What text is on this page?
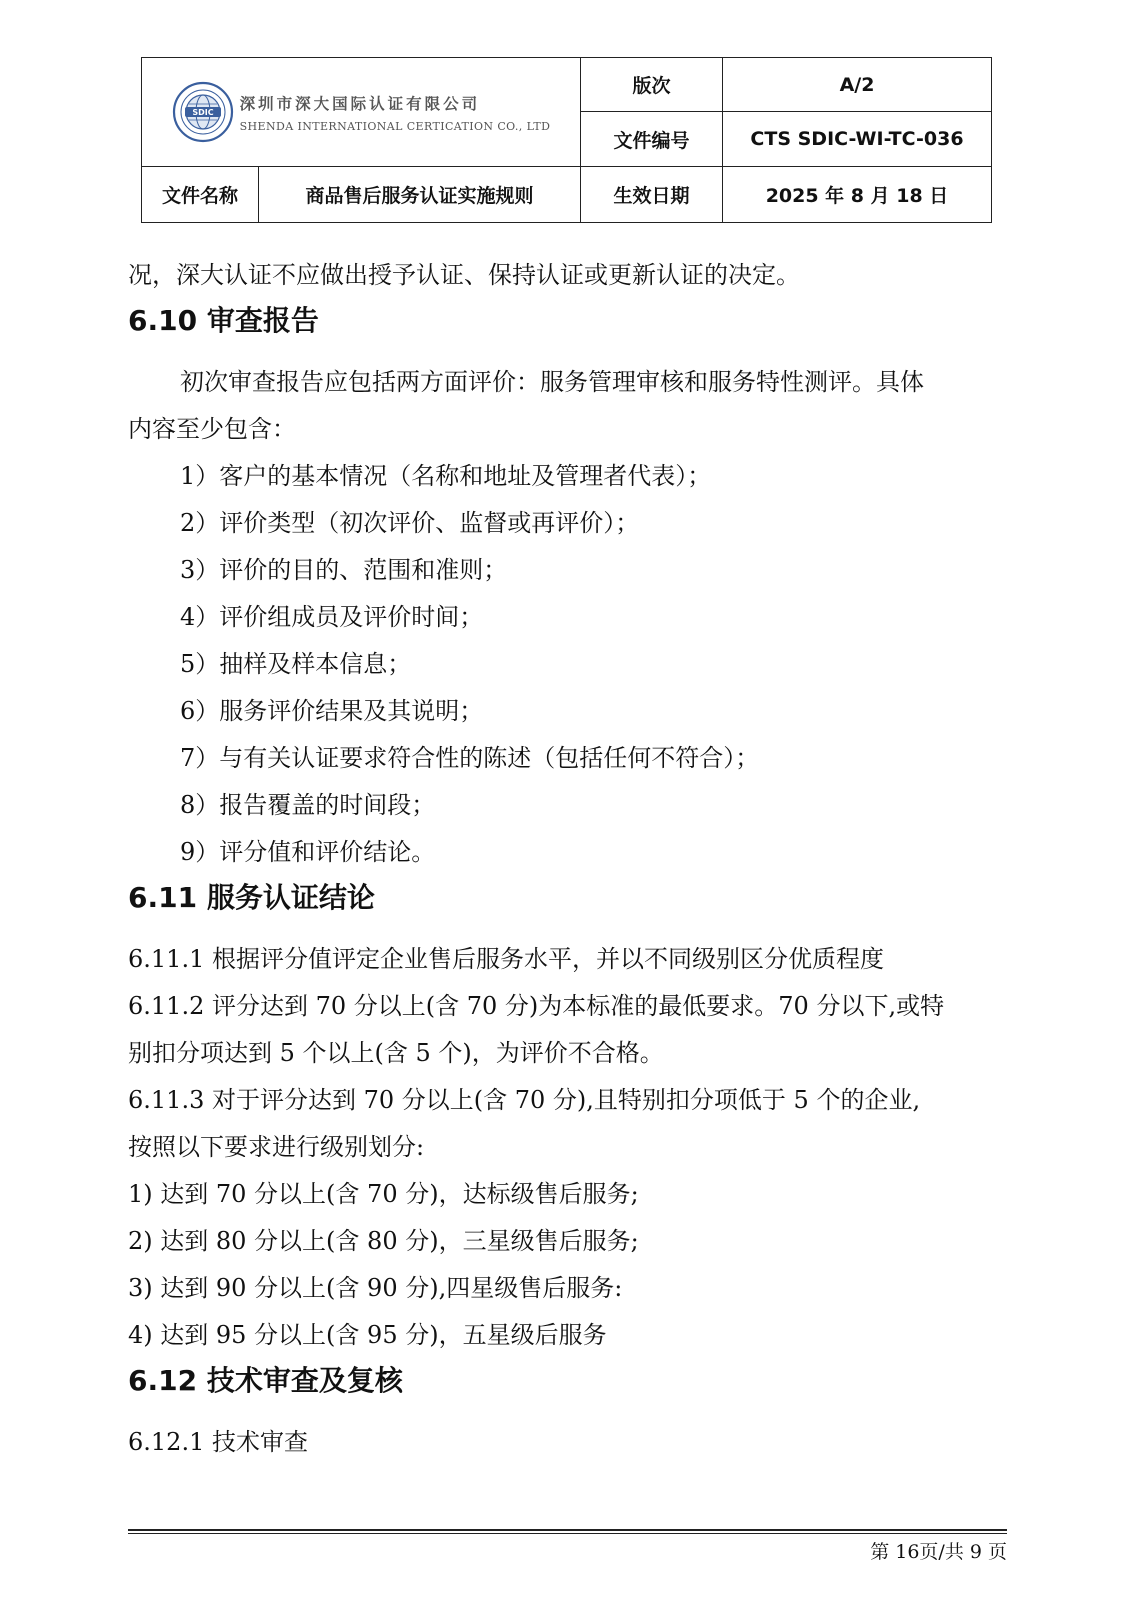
SDIC 深圳市深大国际认证有限公司
SHENDA INTERNATIONAL CERTICATION CO., LTD		版次	A/2
		文件编号	CTS SDIC-WI-TC-036
文件名称	商品售后服务认证实施规则	生效日期	2025 年 8 月 18 日

况，深大认证不应做出授予认证、保持认证或更新认证的决定。

6.10 审查报告

初次审查报告应包括两方面评价：服务管理审核和服务特性测评。具体

内容至少包含：

1）客户的基本情况（名称和地址及管理者代表）；

2）评价类型（初次评价、监督或再评价）；

3）评价的目的、范围和准则；

4）评价组成员及评价时间；

5）抽样及样本信息；

6）服务评价结果及其说明；

7）与有关认证要求符合性的陈述（包括任何不符合）；

8）报告覆盖的时间段；

9）评分值和评价结论。

6.11 服务认证结论

6.11.1 根据评分值评定企业售后服务水平，并以不同级别区分优质程度

6.11.2 评分达到 70 分以上(含 70 分)为本标准的最低要求。70 分以下,或特

别扣分项达到 5 个以上(含 5 个)，为评价不合格。

6.11.3 对于评分达到 70 分以上(含 70 分),且特别扣分项低于 5 个的企业,

按照以下要求进行级别划分:

1) 达到 70 分以上(含 70 分)，达标级售后服务;

2) 达到 80 分以上(含 80 分)，三星级售后服务;

3) 达到 90 分以上(含 90 分),四星级售后服务:

4) 达到 95 分以上(含 95 分)，五星级后服务

6.12 技术审查及复核

6.12.1 技术审查

第 16页/共 9 页
